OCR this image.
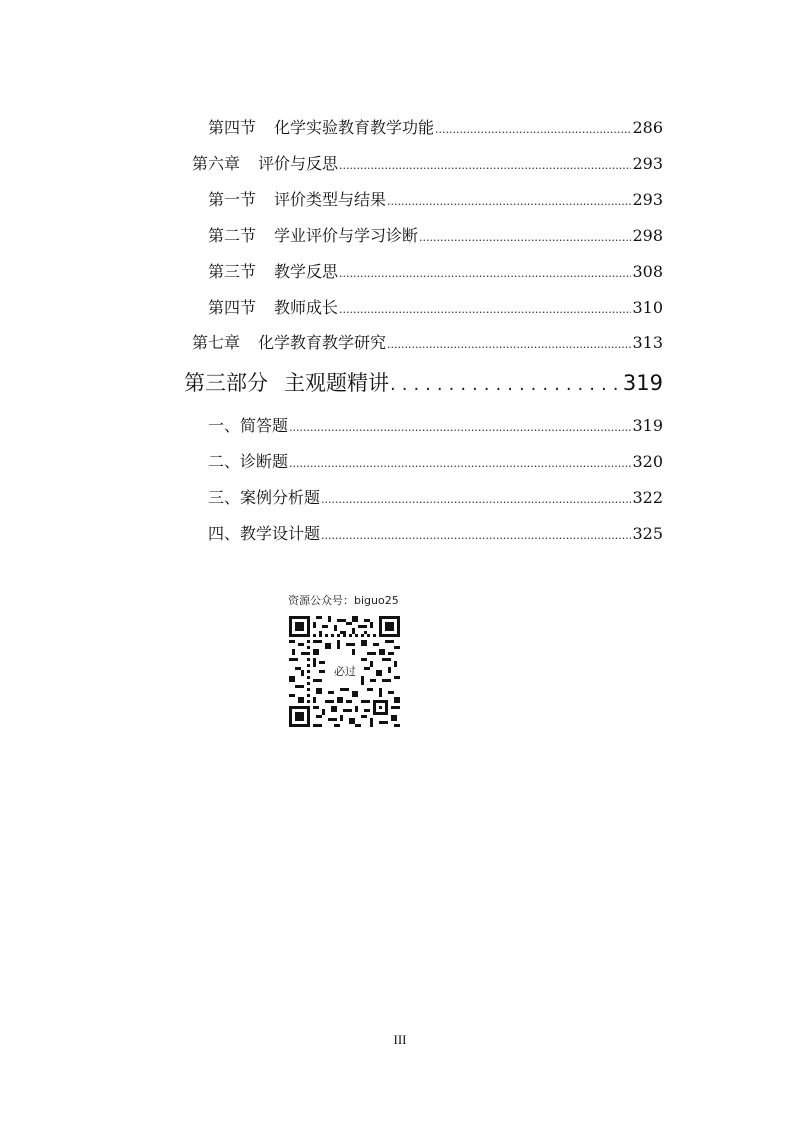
第四节 化学实验教育教学功能 .....	286
第六章 评价与反思 .....	293
第一节 评价类型与结果 .....	293
第二节 学业评价与学习诊断 .....	298
第三节 教学反思 .....	308
第四节 教师成长 .....	310
第七章 化学教育教学研究 .....	313
第三部分 主观题精讲 .....	319
一、简答题 .....	319
二、诊断题 .....	320
三、案例分析题 .....	322
四、教学设计题 .....	325
资源公众号：biguo25
必过
III
